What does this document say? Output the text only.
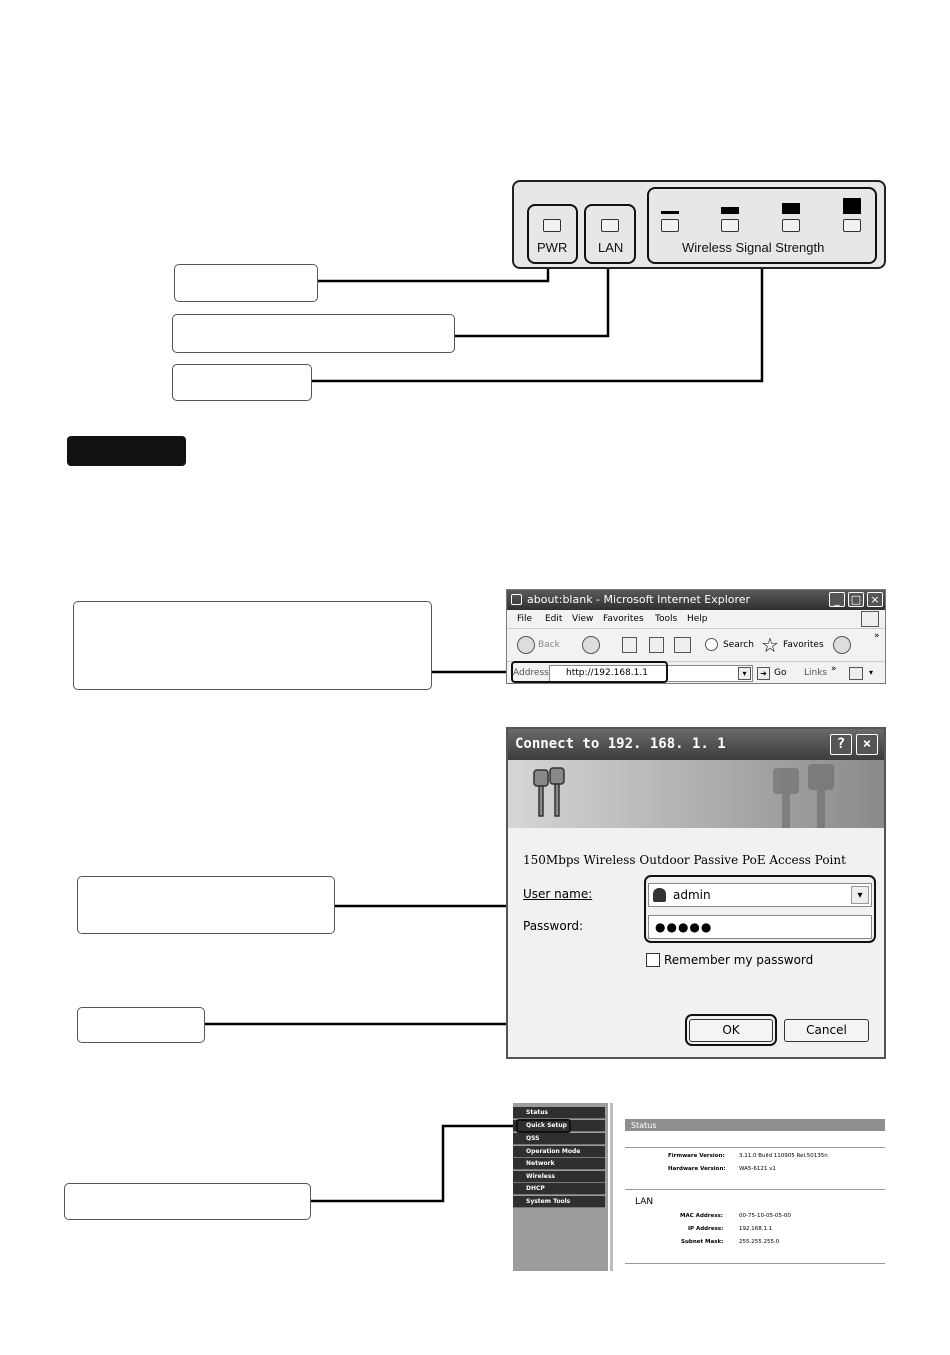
PWR LAN	Wireless Signal Strength
about:blank - Microsoft Internet Explorer	_	□ ×
File Edit View Favorites Tools Help
Back	Search ☆ Favorites
»
Address	http://192.168.1.1	▾	➜ Go Links »	▾
Connect to 192. 168. 1. 1	?	×
150Mbps Wireless Outdoor Passive PoE Access Point
User name:	admin	▾
Password:	●●●●●
Remember my password
OK	Cancel
Status
Quick Setup
QSS
Operation Mode
Network
Wireless
DHCP
System Tools
Status
Firmware Version:	3.11.0 Build 110905 Rel.50135n
Hardware Version: WA5-6121 v1
LAN
MAC Address:	00-75-10-05-05-00
IP Address:	192.168.1.1
Subnet Mask:	255.255.255.0
